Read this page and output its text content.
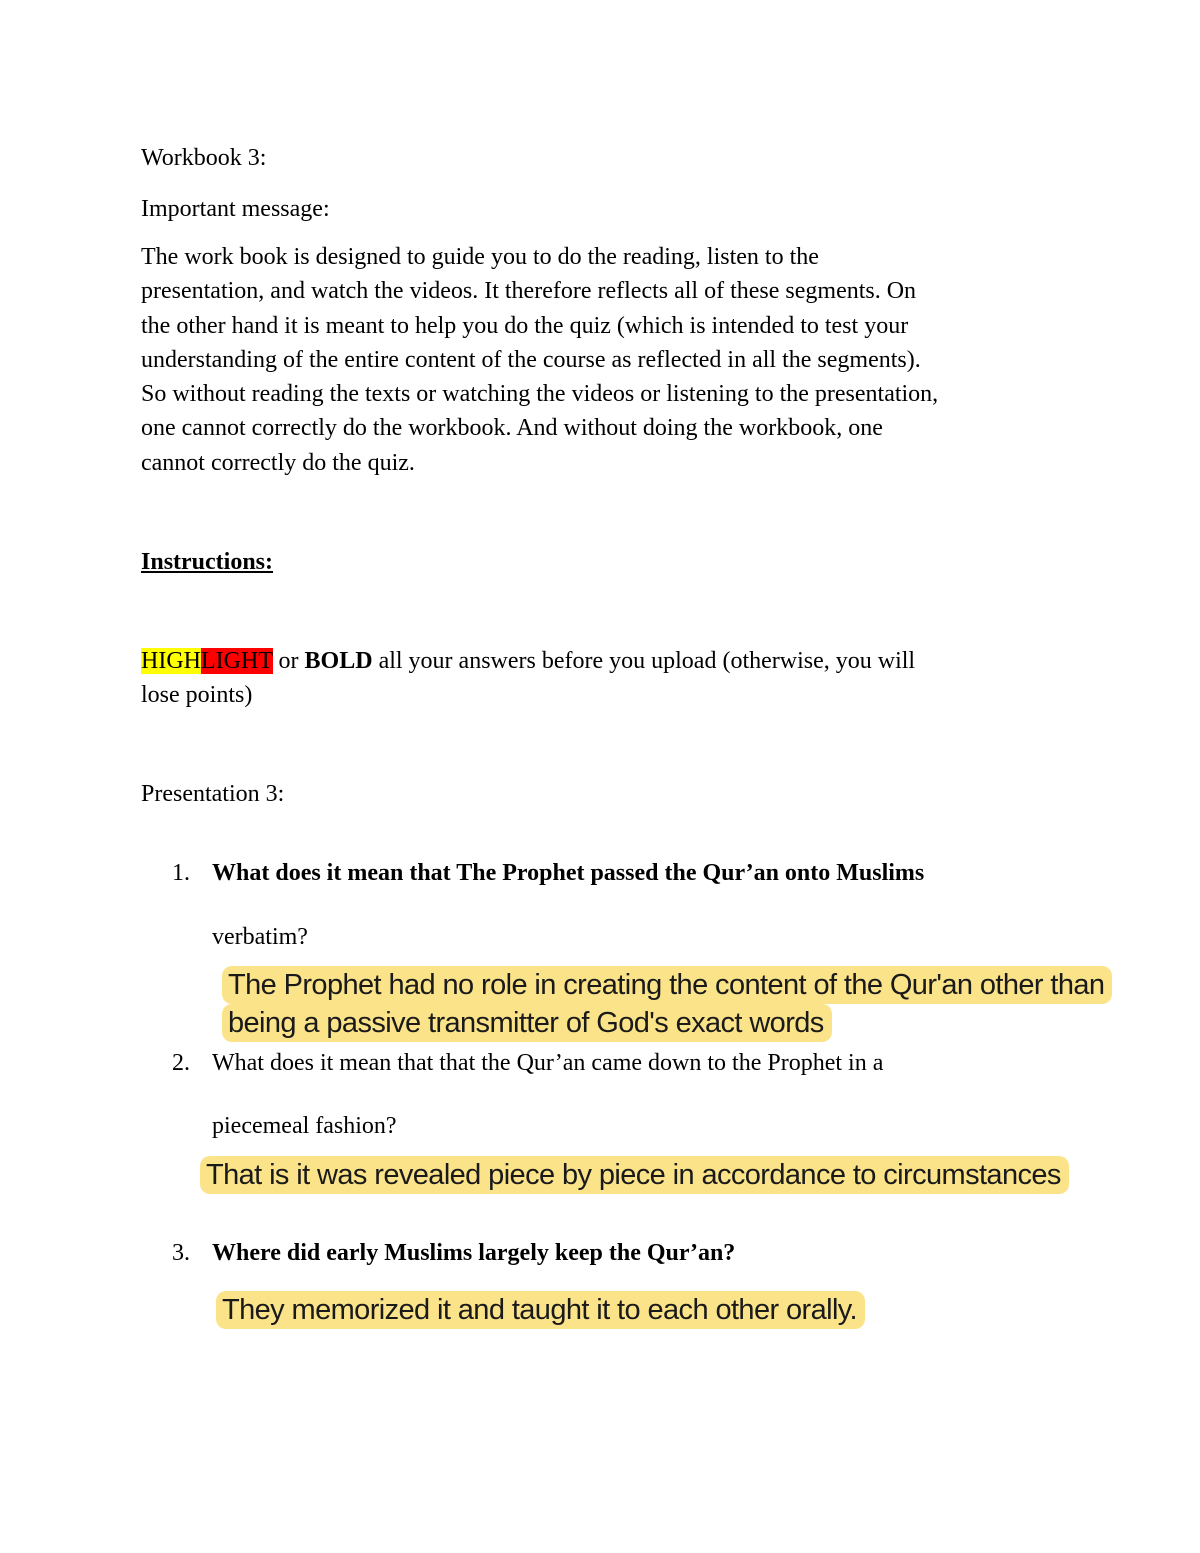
Workbook 3:
Important message:
The work book is designed to guide you to do the reading, listen to the
presentation, and watch the videos. It therefore reflects all of these segments. On
the other hand it is meant to help you do the quiz (which is intended to test your
understanding of the entire content of the course as reflected in all the segments).
So without reading the texts or watching the videos or listening to the presentation,
one cannot correctly do the workbook. And without doing the workbook, one
cannot correctly do the quiz.
Instructions:
HIGHLIGHT or BOLD all your answers before you upload (otherwise, you will
lose points)
Presentation 3:
1. What does it mean that The Prophet passed the Qur’an onto Muslims
verbatim?
The Prophet had no role in creating the content of the Qur'an other than
being a passive transmitter of God's exact words
2. What does it mean that that the Qur’an came down to the Prophet in a
piecemeal fashion?
That is it was revealed piece by piece in accordance to circumstances
3. Where did early Muslims largely keep the Qur’an?
They memorized it and taught it to each other orally.
